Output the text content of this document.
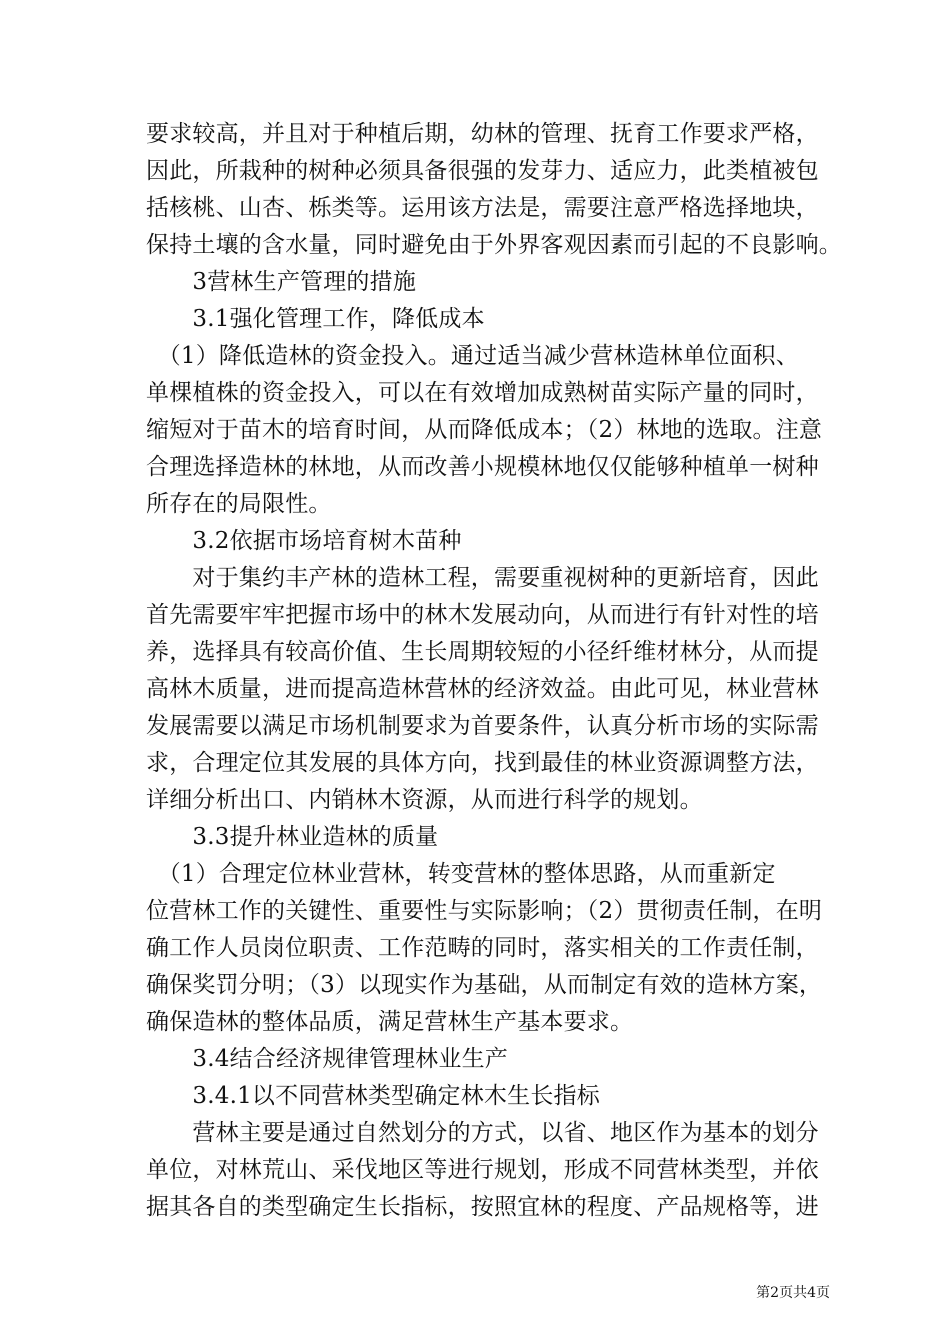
要求较高，并且对于种植后期，幼林的管理、抚育工作要求严格，
因此，所栽种的树种必须具备很强的发芽力、适应力，此类植被包
括核桃、山杏、栎类等。运用该方法是，需要注意严格选择地块，
保持土壤的含水量，同时避免由于外界客观因素而引起的不良影响。
　　3营林生产管理的措施
　　3.1强化管理工作，降低成本
　（1）降低造林的资金投入。通过适当减少营林造林单位面积、
单棵植株的资金投入，可以在有效增加成熟树苗实际产量的同时，
缩短对于苗木的培育时间，从而降低成本；（2）林地的选取。注意
合理选择造林的林地，从而改善小规模林地仅仅能够种植单一树种
所存在的局限性。
　　3.2依据市场培育树木苗种
　　对于集约丰产林的造林工程，需要重视树种的更新培育，因此
首先需要牢牢把握市场中的林木发展动向，从而进行有针对性的培
养，选择具有较高价值、生长周期较短的小径纤维材林分，从而提
高林木质量，进而提高造林营林的经济效益。由此可见，林业营林
发展需要以满足市场机制要求为首要条件，认真分析市场的实际需
求，合理定位其发展的具体方向，找到最佳的林业资源调整方法，
详细分析出口、内销林木资源，从而进行科学的规划。
　　3.3提升林业造林的质量
　（1）合理定位林业营林，转变营林的整体思路，从而重新定
位营林工作的关键性、重要性与实际影响；（2）贯彻责任制，在明
确工作人员岗位职责、工作范畴的同时，落实相关的工作责任制，
确保奖罚分明；（3）以现实作为基础，从而制定有效的造林方案，
确保造林的整体品质，满足营林生产基本要求。
　　3.4结合经济规律管理林业生产
　　3.4.1以不同营林类型确定林木生长指标
　　营林主要是通过自然划分的方式，以省、地区作为基本的划分
单位，对林荒山、采伐地区等进行规划，形成不同营林类型，并依
据其各自的类型确定生长指标，按照宜林的程度、产品规格等，进
第2页共4页
